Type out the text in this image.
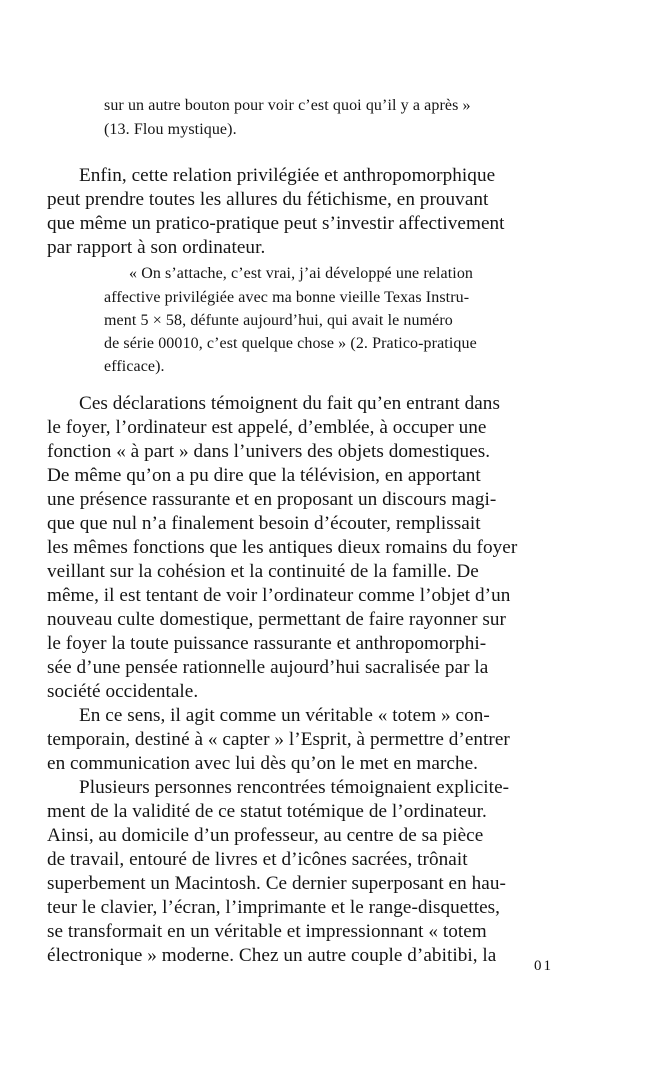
sur un autre bouton pour voir c’est quoi qu’il y a après »

(13. Flou mystique).

Enfin, cette relation privilégiée et anthropomorphique

peut prendre toutes les allures du fétichisme, en prouvant

que même un pratico-pratique peut s’investir affectivement

par rapport à son ordinateur.

« On s’attache, c’est vrai, j’ai développé une relation

affective privilégiée avec ma bonne vieille Texas Instru-

ment 5 × 58, défunte aujourd’hui, qui avait le numéro

de série 00010, c’est quelque chose » (2. Pratico-pratique

efficace).

Ces déclarations témoignent du fait qu’en entrant dans

le foyer, l’ordinateur est appelé, d’emblée, à occuper une

fonction « à part » dans l’univers des objets domestiques.

De même qu’on a pu dire que la télévision, en apportant

une présence rassurante et en proposant un discours magi-

que que nul n’a finalement besoin d’écouter, remplissait

les mêmes fonctions que les antiques dieux romains du foyer

veillant sur la cohésion et la continuité de la famille. De

même, il est tentant de voir l’ordinateur comme l’objet d’un

nouveau culte domestique, permettant de faire rayonner sur

le foyer la toute puissance rassurante et anthropomorphi-

sée d’une pensée rationnelle aujourd’hui sacralisée par la

société occidentale.

En ce sens, il agit comme un véritable « totem » con-

temporain, destiné à « capter » l’Esprit, à permettre d’entrer

en communication avec lui dès qu’on le met en marche.

Plusieurs personnes rencontrées témoignaient explicite-

ment de la validité de ce statut totémique de l’ordinateur.

Ainsi, au domicile d’un professeur, au centre de sa pièce

de travail, entouré de livres et d’icônes sacrées, trônait

superbement un Macintosh. Ce dernier superposant en hau-

teur le clavier, l’écran, l’imprimante et le range-disquettes,

se transformait en un véritable et impressionnant « totem

électronique » moderne. Chez un autre couple d’abitibi, la	01
